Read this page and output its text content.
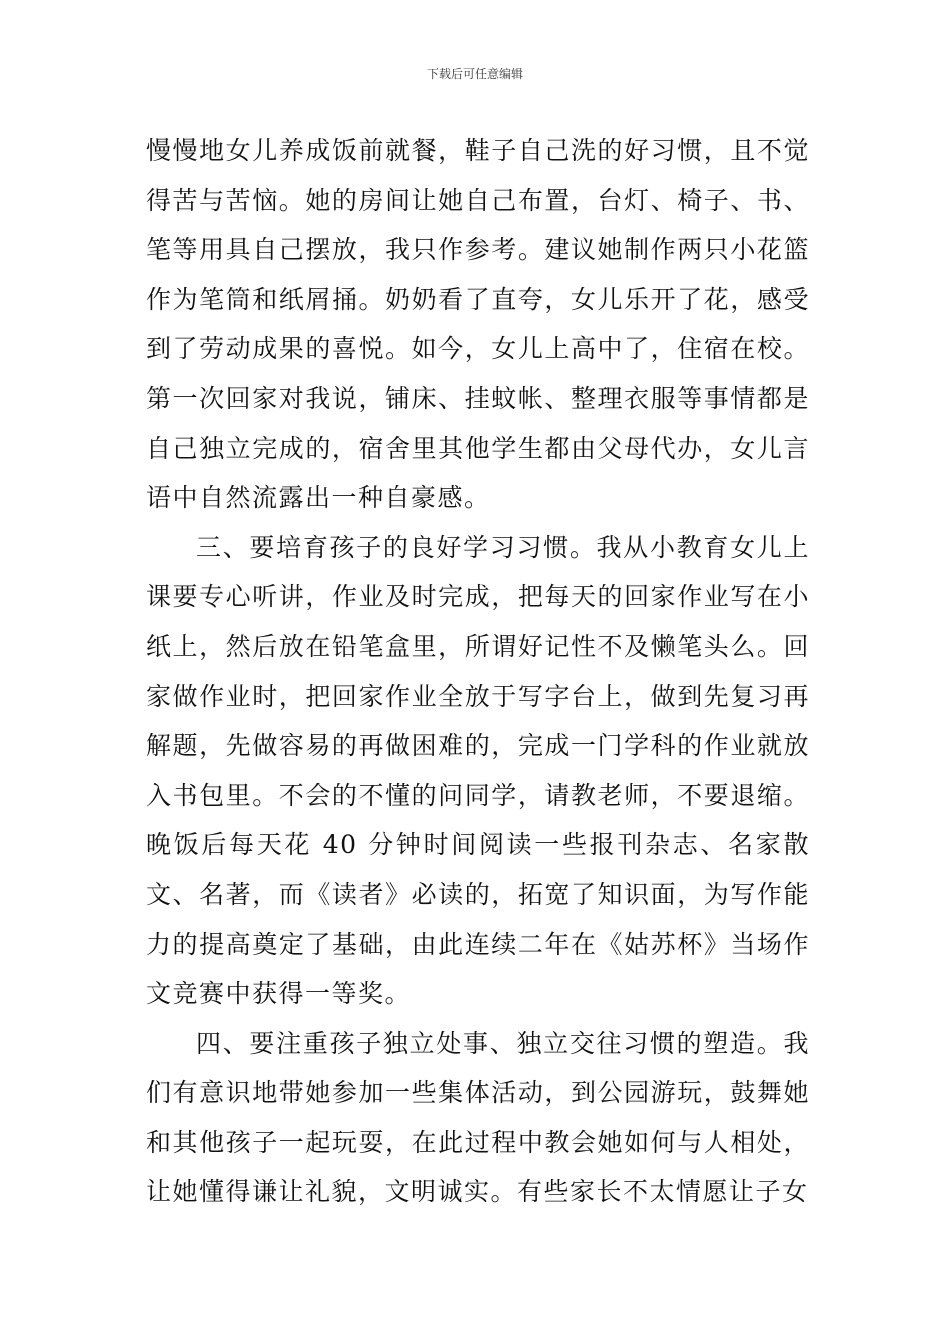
下载后可任意编辑

慢慢地女儿养成饭前就餐，鞋子自己洗的好习惯，且不觉得苦与苦恼。她的房间让她自己布置，台灯、椅子、书、笔等用具自己摆放，我只作参考。建议她制作两只小花篮作为笔筒和纸屑捅。奶奶看了直夸，女儿乐开了花，感受到了劳动成果的喜悦。如今，女儿上高中了，住宿在校。第一次回家对我说，铺床、挂蚊帐、整理衣服等事情都是自己独立完成的，宿舍里其他学生都由父母代办，女儿言语中自然流露出一种自豪感。

三、要培育孩子的良好学习习惯。我从小教育女儿上课要专心听讲，作业及时完成，把每天的回家作业写在小纸上，然后放在铅笔盒里，所谓好记性不及懒笔头么。回家做作业时，把回家作业全放于写字台上，做到先复习再解题，先做容易的再做困难的，完成一门学科的作业就放入书包里。不会的不懂的问同学，请教老师，不要退缩。晚饭后每天花 40 分钟时间阅读一些报刊杂志、名家散文、名著，而《读者》必读的，拓宽了知识面，为写作能力的提高奠定了基础，由此连续二年在《姑苏杯》当场作文竞赛中获得一等奖。

四、要注重孩子独立处事、独立交往习惯的塑造。我们有意识地带她参加一些集体活动，到公园游玩，鼓舞她和其他孩子一起玩耍，在此过程中教会她如何与人相处，让她懂得谦让礼貌，文明诚实。有些家长不太情愿让子女
